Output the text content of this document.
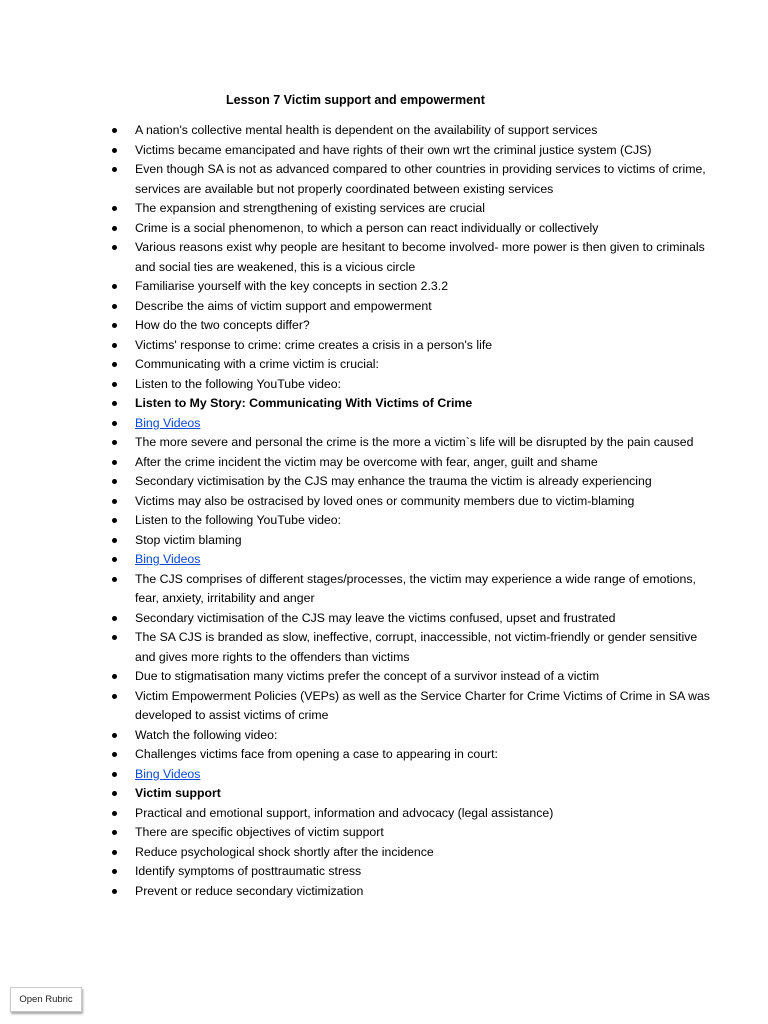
Lesson 7 Victim support and empowerment
A nation's collective mental health is dependent on the availability of support services
Victims became emancipated and have rights of their own wrt the criminal justice system (CJS)
Even though SA is not as advanced compared to other countries in providing services to victims of crime, services are available but not properly coordinated between existing services
The expansion and strengthening of existing services are crucial
Crime is a social phenomenon, to which a person can react individually or collectively
Various reasons exist why people are hesitant to become involved- more power is then given to criminals and social ties are weakened, this is a vicious circle
Familiarise yourself with the key concepts in section 2.3.2
Describe the aims of victim support and empowerment
How do the two concepts differ?
Victims' response to crime: crime creates a crisis in a person's life
Communicating with a crime victim is crucial:
Listen to the following YouTube video:
Listen to My Story: Communicating With Victims of Crime
Bing Videos
The more severe and personal the crime is the more a victim`s life will be disrupted by the pain caused
After the crime incident the victim may be overcome with fear, anger, guilt and shame
Secondary victimisation by the CJS may enhance the trauma the victim is already experiencing
Victims may also be ostracised by loved ones or community members due to victim-blaming
Listen to the following YouTube video:
Stop victim blaming
Bing Videos
The CJS comprises of different stages/processes, the victim may experience a wide range of emotions, fear, anxiety, irritability and anger
Secondary victimisation of the CJS may leave the victims confused, upset and frustrated
The SA CJS is branded as slow, ineffective, corrupt, inaccessible, not victim-friendly or gender sensitive and gives more rights to the offenders than victims
Due to stigmatisation many victims prefer the concept of a survivor instead of a victim
Victim Empowerment Policies (VEPs) as well as the Service Charter for Crime Victims of Crime in SA was developed to assist victims of crime
Watch the following video:
Challenges victims face from opening a case to appearing in court:
Bing Videos
Victim support
Practical and emotional support, information and advocacy (legal assistance)
There are specific objectives of victim support
Reduce psychological shock shortly after the incidence
Identify symptoms of posttraumatic stress
Prevent or reduce secondary victimization
Open Rubric
